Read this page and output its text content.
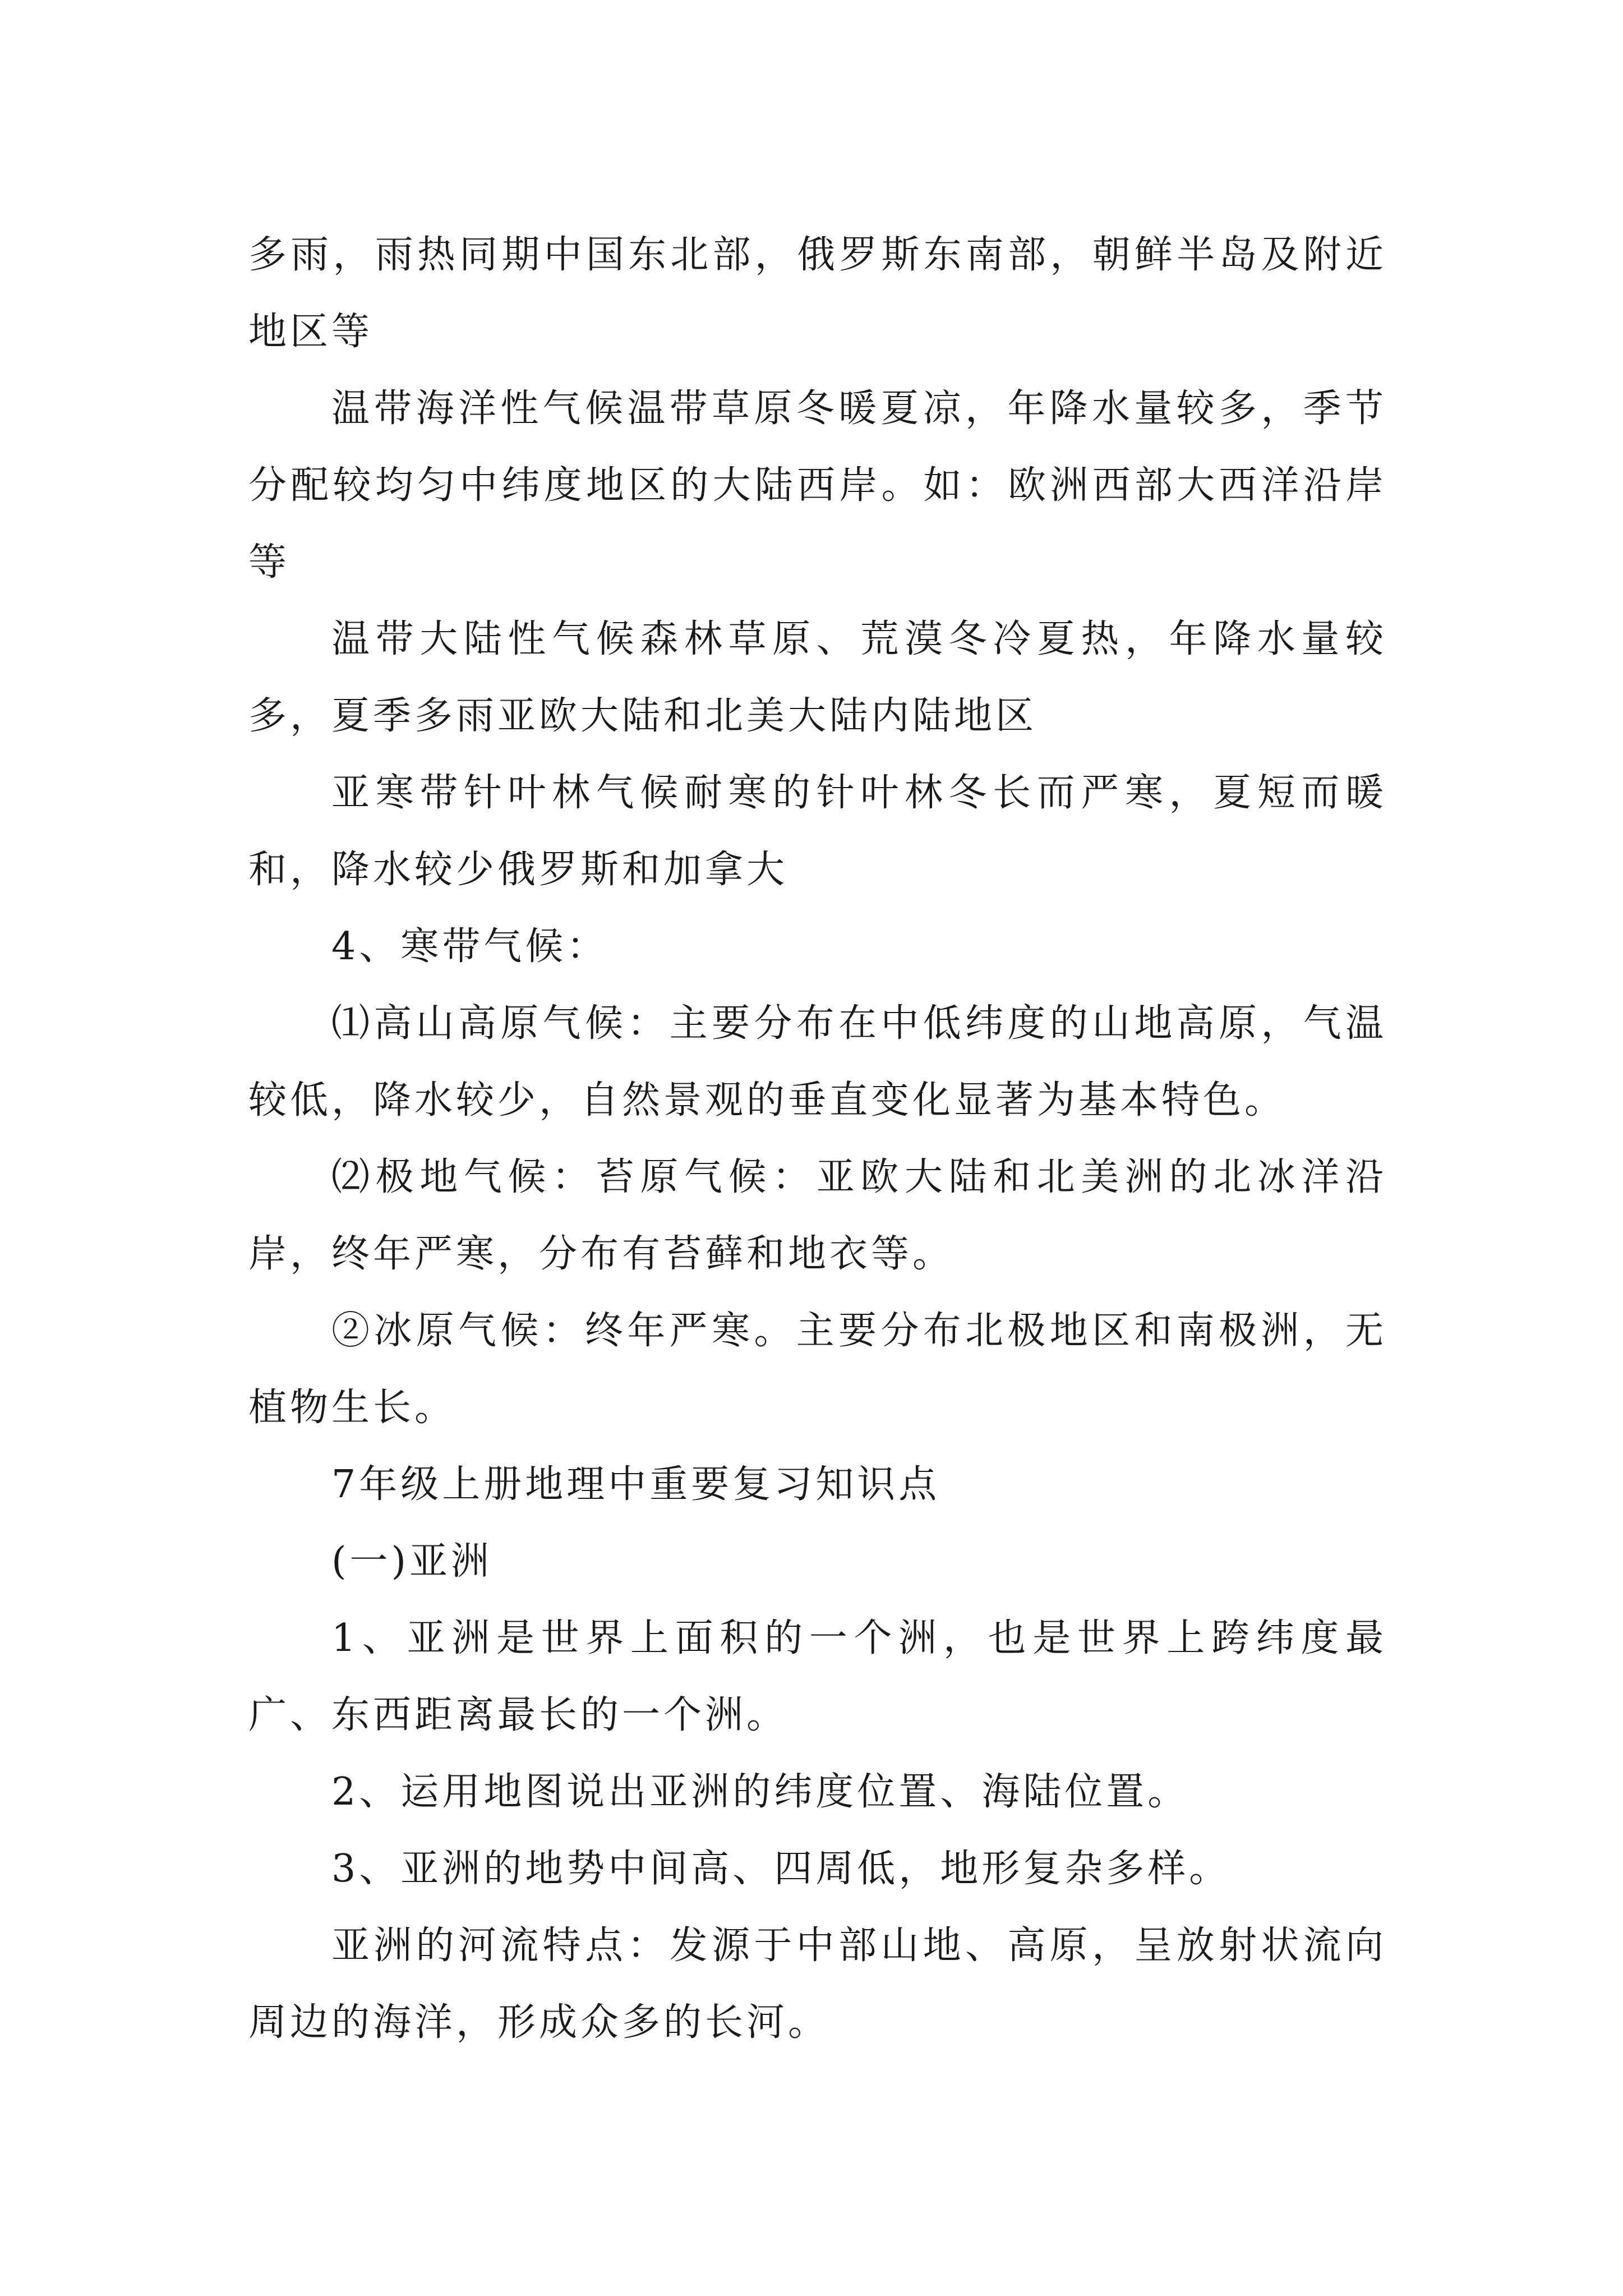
多雨，雨热同期中国东北部，俄罗斯东南部，朝鲜半岛及附近地区等

温带海洋性气候温带草原冬暖夏凉，年降水量较多，季节分配较均匀中纬度地区的大陆西岸。如：欧洲西部大西洋沿岸等

温带大陆性气候森林草原、荒漠冬冷夏热，年降水量较多，夏季多雨亚欧大陆和北美大陆内陆地区

亚寒带针叶林气候耐寒的针叶林冬长而严寒，夏短而暖和，降水较少俄罗斯和加拿大

4、寒带气候：

⑴高山高原气候：主要分布在中低纬度的山地高原，气温较低，降水较少，自然景观的垂直变化显著为基本特色。

⑵极地气候：苔原气候：亚欧大陆和北美洲的北冰洋沿岸，终年严寒，分布有苔藓和地衣等。

②冰原气候：终年严寒。主要分布北极地区和南极洲，无植物生长。

7年级上册地理中重要复习知识点

(一)亚洲

1、亚洲是世界上面积的一个洲，也是世界上跨纬度最广、东西距离最长的一个洲。

2、运用地图说出亚洲的纬度位置、海陆位置。

3、亚洲的地势中间高、四周低，地形复杂多样。

亚洲的河流特点：发源于中部山地、高原，呈放射状流向周边的海洋，形成众多的长河。
